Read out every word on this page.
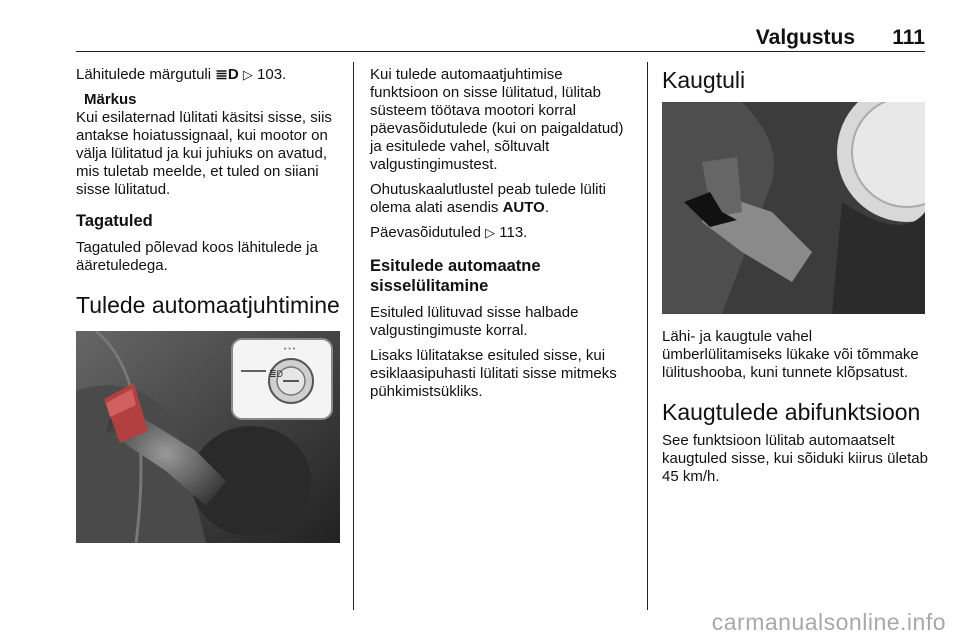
Valgustus 111

Lähitulede märgutuli ≣D ▷ 103.

Märkus

Kui esilaternad lülitati käsitsi sisse, siis antakse hoiatussignaal, kui mootor on välja lülitatud ja kui juhiuks on avatud, mis tuletab meelde, et tuled on siiani sisse lülitatud.

Tagatuled

Tagatuled põlevad koos lähitulede ja ääretuledega.

Tulede automaatjuhtimine
≣D
• • •

Kui tulede automaatjuhtimise funktsioon on sisse lülitatud, lülitab süsteem töötava mootori korral päevasõidutulede (kui on paigaldatud) ja esitulede vahel, sõltuvalt valgustingimustest.

Ohutuskaalutlustel peab tulede lüliti olema alati asendis AUTO.

Päevasõidutuled ▷ 113.

Esitulede automaatne sisselülitamine

Esituled lülituvad sisse halbade valgustingimuste korral.

Lisaks lülitatakse esituled sisse, kui esiklaasipuhasti lülitati sisse mitmeks pühkimistsükliks.

Kaugtuli

Lähi- ja kaugtule vahel ümberlülitamiseks lükake või tõmmake lülitushooba, kuni tunnete klõpsatust.

Kaugtulede abifunktsioon

See funktsioon lülitab automaatselt kaugtuled sisse, kui sõiduki kiirus ületab 45 km/h.

carmanualsonline.info
